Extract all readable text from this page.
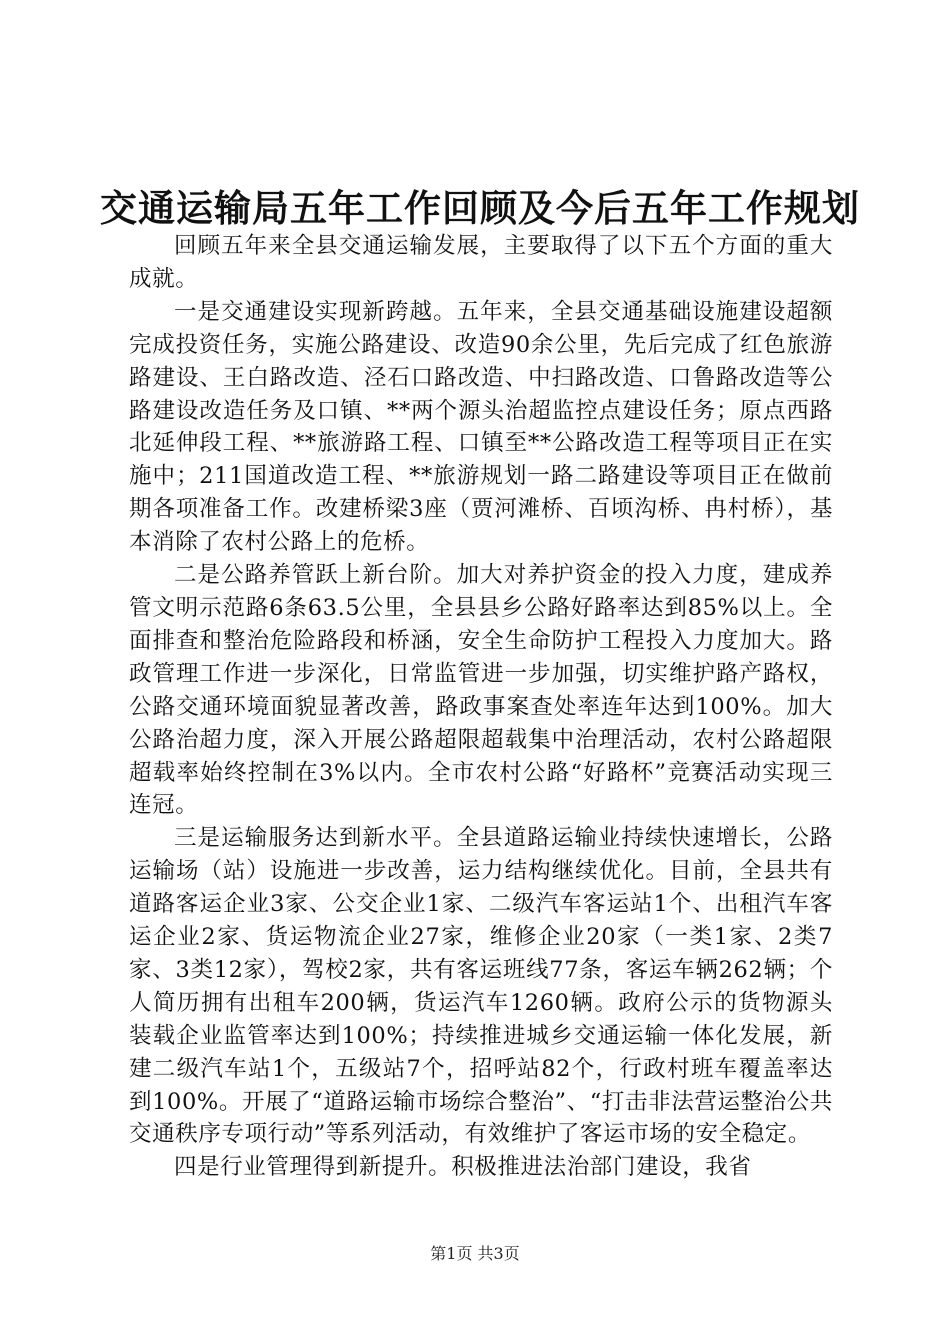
交通运输局五年工作回顾及今后五年工作规划

回顾五年来全县交通运输发展，主要取得了以下五个方面的重大成就。

一是交通建设实现新跨越。五年来，全县交通基础设施建设超额完成投资任务，实施公路建设、改造90余公里，先后完成了红色旅游路建设、王白路改造、泾石口路改造、中扫路改造、口鲁路改造等公路建设改造任务及口镇、**两个源头治超监控点建设任务；原点西路北延伸段工程、**旅游路工程、口镇至**公路改造工程等项目正在实施中；211国道改造工程、**旅游规划一路二路建设等项目正在做前期各项准备工作。改建桥梁3座（贾河滩桥、百顷沟桥、冉村桥），基本消除了农村公路上的危桥。

二是公路养管跃上新台阶。加大对养护资金的投入力度，建成养管文明示范路6条63.5公里，全县县乡公路好路率达到85%以上。全面排查和整治危险路段和桥涵，安全生命防护工程投入力度加大。路政管理工作进一步深化，日常监管进一步加强，切实维护路产路权，公路交通环境面貌显著改善，路政事案查处率连年达到100%。加大公路治超力度，深入开展公路超限超载集中治理活动，农村公路超限超载率始终控制在3%以内。全市农村公路“好路杯”竞赛活动实现三连冠。

三是运输服务达到新水平。全县道路运输业持续快速增长，公路运输场（站）设施进一步改善，运力结构继续优化。目前，全县共有道路客运企业3家、公交企业1家、二级汽车客运站1个、出租汽车客运企业2家、货运物流企业27家，维修企业20家（一类1家、2类7家、3类12家），驾校2家，共有客运班线77条，客运车辆262辆；个人简历拥有出租车200辆，货运汽车1260辆。政府公示的货物源头装载企业监管率达到100%；持续推进城乡交通运输一体化发展，新建二级汽车站1个，五级站7个，招呼站82个，行政村班车覆盖率达到100%。开展了“道路运输市场综合整治”、“打击非法营运整治公共交通秩序专项行动”等系列活动，有效维护了客运市场的安全稳定。

四是行业管理得到新提升。积极推进法治部门建设，我省

第1页 共3页
